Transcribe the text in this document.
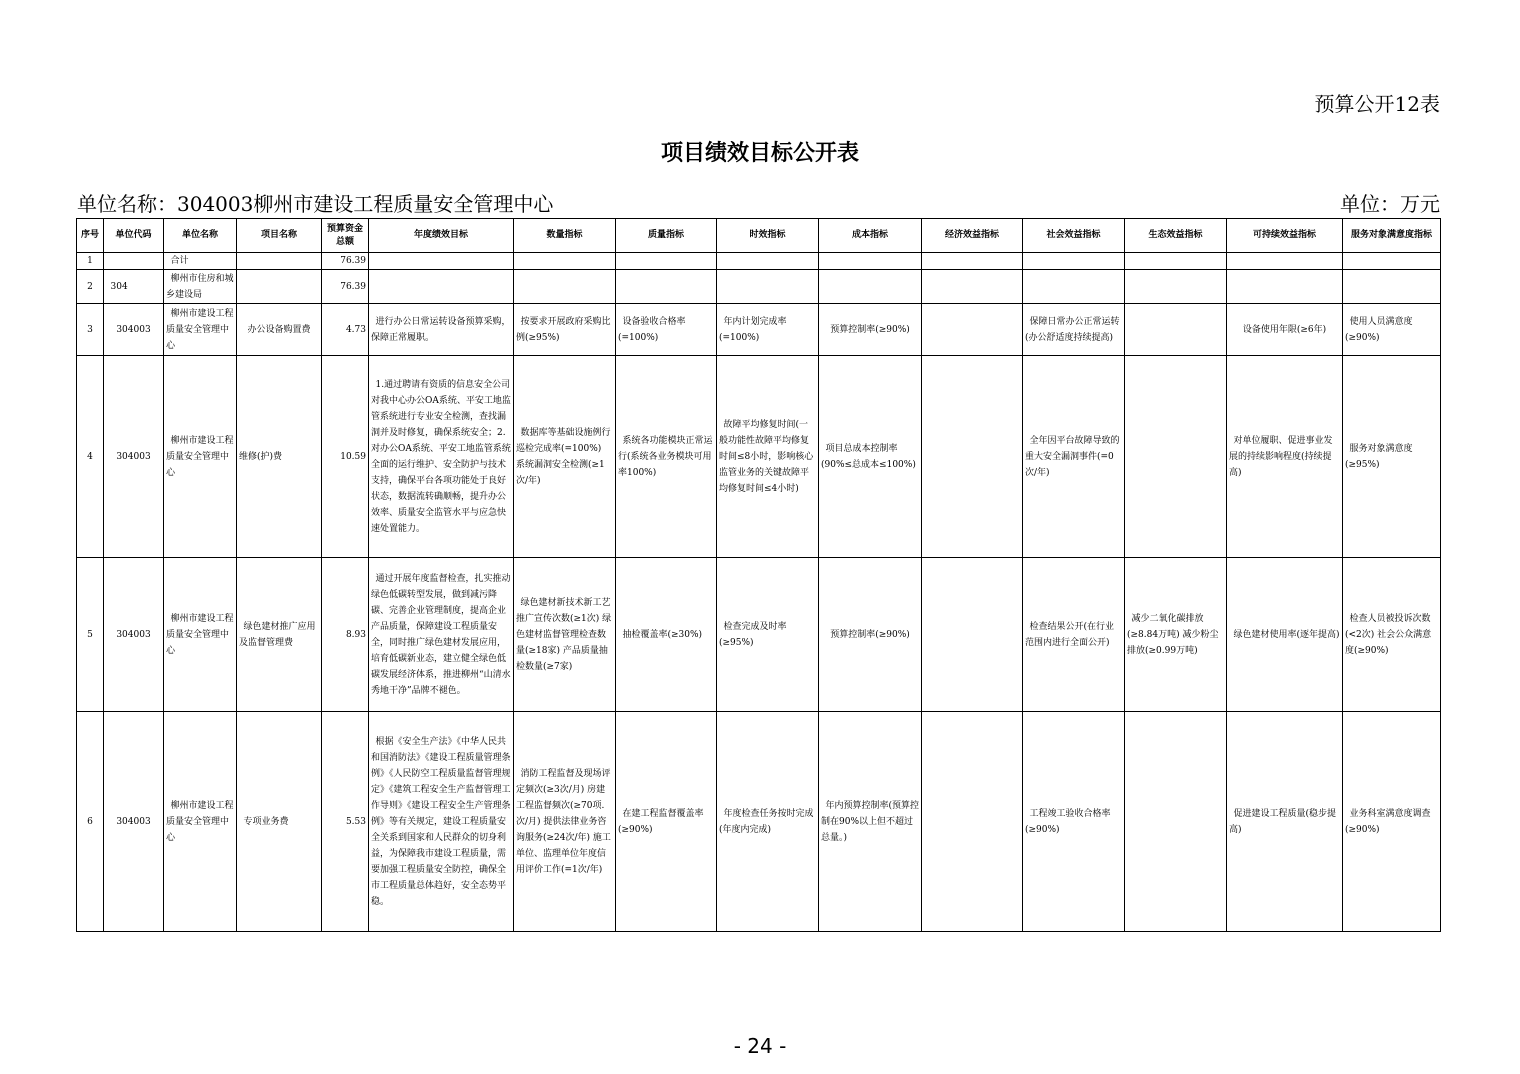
预算公开12表
项目绩效目标公开表
单位名称：304003柳州市建设工程质量安全管理中心	单位：万元
序号	单位代码	单位名称	项目名称	预算资金总额	年度绩效目标	数量指标	质量指标	时效指标	成本指标	经济效益指标	社会效益指标	生态效益指标	可持续效益指标	服务对象满意度指标
1		合计		76.39										
2	304	柳州市住房和城乡建设局		76.39										
3	304003	柳州市建设工程质量安全管理中心	办公设备购置费	4.73	进行办公日常运转设备预算采购，保障正常履职。	按要求开展政府采购比例(≥95%)	设备验收合格率(=100%)	年内计划完成率(=100%)	预算控制率(≥90%)		保障日常办公正常运转(办公舒适度持续提高)		设备使用年限(≥6年)	使用人员满意度(≥90%)
4	304003	柳州市建设工程质量安全管理中心	维修(护)费	10.59	1.通过聘请有资质的信息安全公司对我中心办公OA系统、平安工地监管系统进行专业安全检测，查找漏洞并及时修复，确保系统安全；2.对办公OA系统、平安工地监管系统全面的运行维护、安全防护与技术支持，确保平台各项功能处于良好状态，数据流转确顺畅，提升办公效率、质量安全监管水平与应急快速处置能力。	数据库等基础设施例行巡检完成率(=100%) 系统漏洞安全检测(≥1次/年)	系统各功能模块正常运行(系统各业务模块可用率100%)	故障平均修复时间(一般功能性故障平均修复时间≤8小时，影响核心监管业务的关键故障平均修复时间≤4小时)	项目总成本控制率(90%≤总成本≤100%)		全年因平台故障导致的重大安全漏洞事件(=0次/年)		对单位履职、促进事业发展的持续影响程度(持续提高)	服务对象满意度(≥95%)
5	304003	柳州市建设工程质量安全管理中心	绿色建材推广应用及监督管理费	8.93	通过开展年度监督检查，扎实推动绿色低碳转型发展，做到减污降碳、完善企业管理制度，提高企业产品质量，保障建设工程质量安全，同时推广绿色建材发展应用，培育低碳新业态，建立健全绿色低碳发展经济体系，推进柳州“山清水秀地干净”品牌不褪色。	绿色建材新技术新工艺推广宣传次数(≥1次) 绿色建材监督管理检查数量(≥18家) 产品质量抽检数量(≥7家)	抽检覆盖率(≥30%)	检查完成及时率(≥95%)	预算控制率(≥90%)		检查结果公开(在行业范围内进行全面公开)	减少二氧化碳排放(≥8.84万吨) 减少粉尘排放(≥0.99万吨)	绿色建材使用率(逐年提高)	检查人员被投诉次数(<2次) 社会公众满意度(≥90%)
6	304003	柳州市建设工程质量安全管理中心	专项业务费	5.53	根据《安全生产法》《中华人民共和国消防法》《建设工程质量管理条例》《人民防空工程质量监督管理规定》《建筑工程安全生产监督管理工作导则》《建设工程安全生产管理条例》等有关规定，建设工程质量安全关系到国家和人民群众的切身利益，为保障我市建设工程质量，需要加强工程质量安全防控，确保全市工程质量总体趋好，安全态势平稳。	消防工程监督及现场评定频次(≥3次/月) 房建工程监督频次(≥70项.次/月) 提供法律业务咨询服务(≥24次/年) 施工单位、监理单位年度信用评价工作(=1次/年)	在建工程监督覆盖率(≥90%)	年度检查任务按时完成(年度内完成)	年内预算控制率(预算控制在90%以上但不超过总量。)		工程竣工验收合格率(≥90%)		促进建设工程质量(稳步提高)	业务科室满意度调查(≥90%)
- 24 -
